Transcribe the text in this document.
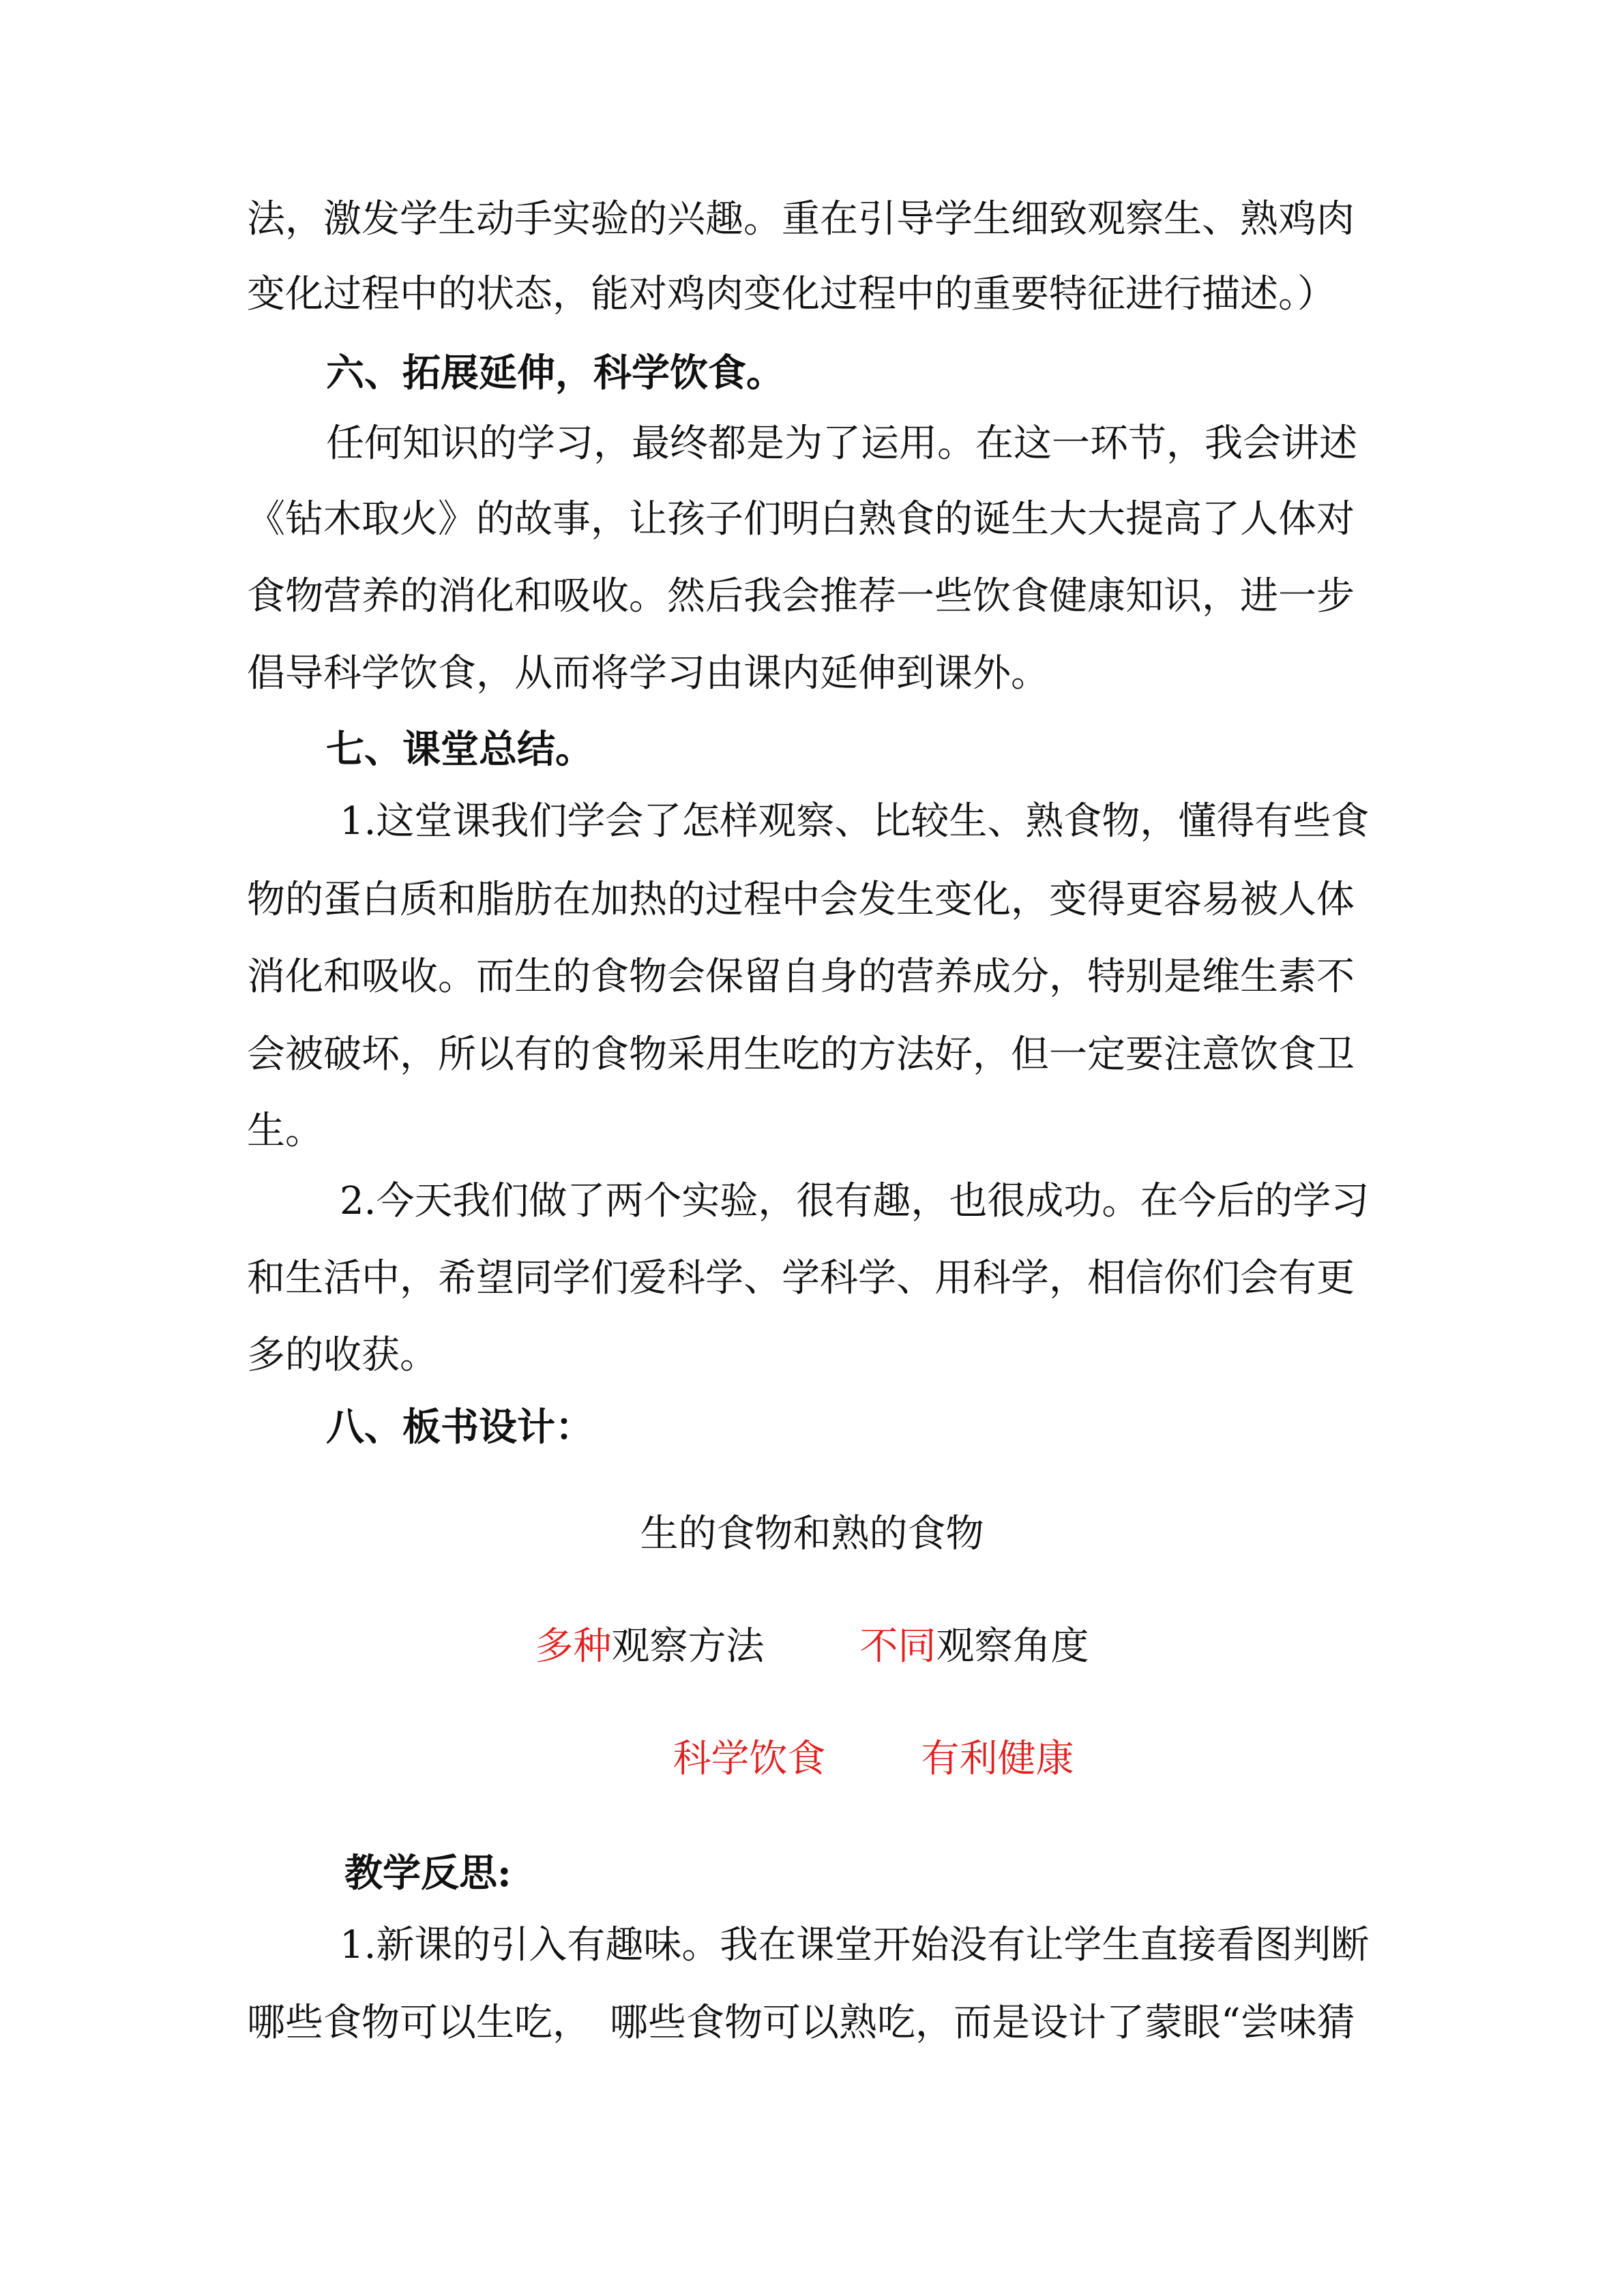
法，激发学生动手实验的兴趣。重在引导学生细致观察生、熟鸡肉

变化过程中的状态，能对鸡肉变化过程中的重要特征进行描述。）

六、拓展延伸，科学饮食。

任何知识的学习，最终都是为了运用。在这一环节，我会讲述

《钻木取火》的故事，让孩子们明白熟食的诞生大大提高了人体对

食物营养的消化和吸收。然后我会推荐一些饮食健康知识，进一步

倡导科学饮食，从而将学习由课内延伸到课外。

七、课堂总结。

1.这堂课我们学会了怎样观察、比较生、熟食物，懂得有些食

物的蛋白质和脂肪在加热的过程中会发生变化，变得更容易被人体

消化和吸收。而生的食物会保留自身的营养成分，特别是维生素不

会被破坏，所以有的食物采用生吃的方法好，但一定要注意饮食卫

生。

2.今天我们做了两个实验，很有趣，也很成功。在今后的学习

和生活中，希望同学们爱科学、学科学、用科学，相信你们会有更

多的收获。

八、板书设计：

生的食物和熟的食物
多种观察方法	不同观察角度
科学饮食	有利健康

教学反思:

1.新课的引入有趣味。我在课堂开始没有让学生直接看图判断

哪些食物可以生吃，　哪些食物可以熟吃，而是设计了蒙眼“尝味猜
